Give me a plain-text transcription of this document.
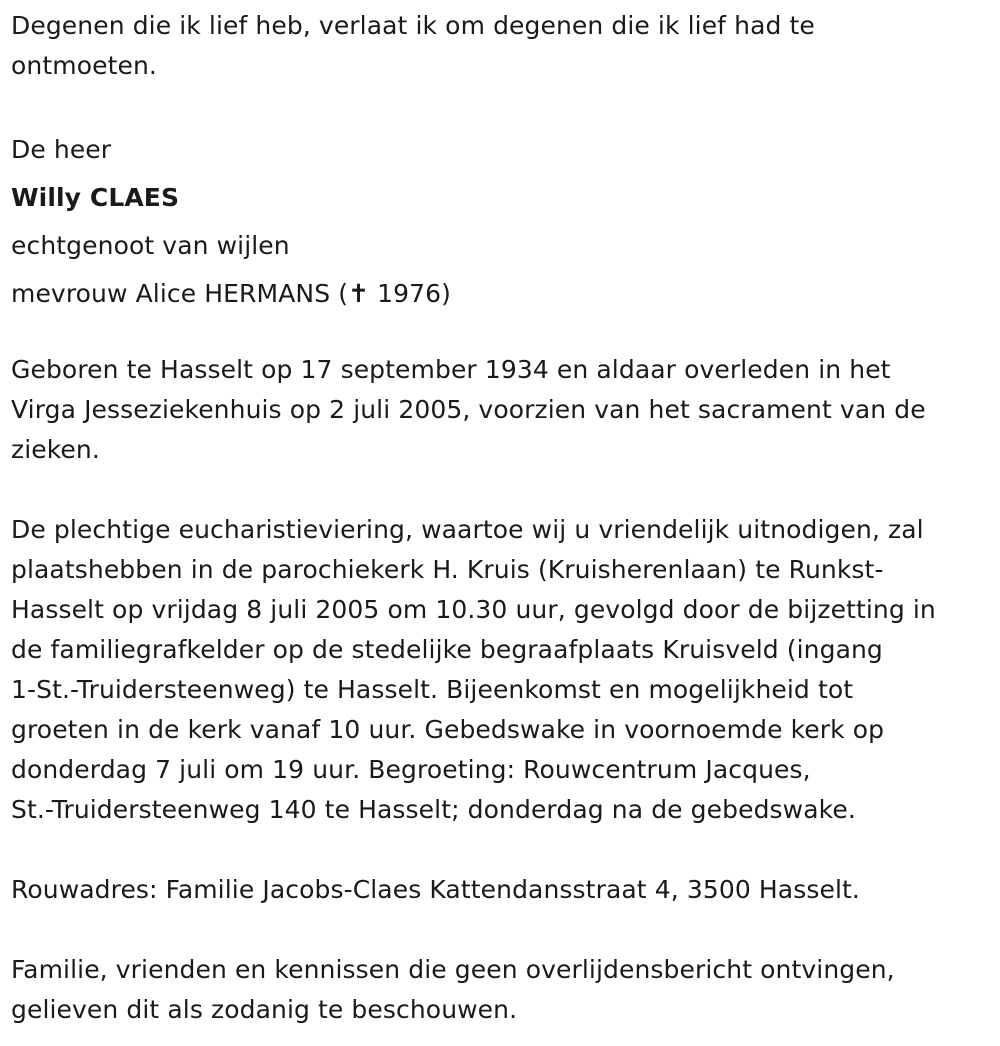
Degenen die ik lief heb, verlaat ik om degenen die ik lief had te

ontmoeten.

De heer

Willy CLAES

echtgenoot van wijlen

mevrouw Alice HERMANS (✝ 1976)

Geboren te Hasselt op 17 september 1934 en aldaar overleden in het

Virga Jesseziekenhuis op 2 juli 2005, voorzien van het sacrament van de

zieken.

De plechtige eucharistieviering, waartoe wij u vriendelijk uitnodigen, zal

plaatshebben in de parochiekerk H. Kruis (Kruisherenlaan) te Runkst-

Hasselt op vrijdag 8 juli 2005 om 10.30 uur, gevolgd door de bijzetting in

de familiegrafkelder op de stedelijke begraafplaats Kruisveld (ingang

1-St.-Truidersteenweg) te Hasselt. Bijeenkomst en mogelijkheid tot

groeten in de kerk vanaf 10 uur. Gebedswake in voornoemde kerk op

donderdag 7 juli om 19 uur. Begroeting: Rouwcentrum Jacques,

St.-Truidersteenweg 140 te Hasselt; donderdag na de gebedswake.

Rouwadres: Familie Jacobs-Claes Kattendansstraat 4, 3500 Hasselt.

Familie, vrienden en kennissen die geen overlijdensbericht ontvingen,

gelieven dit als zodanig te beschouwen.
